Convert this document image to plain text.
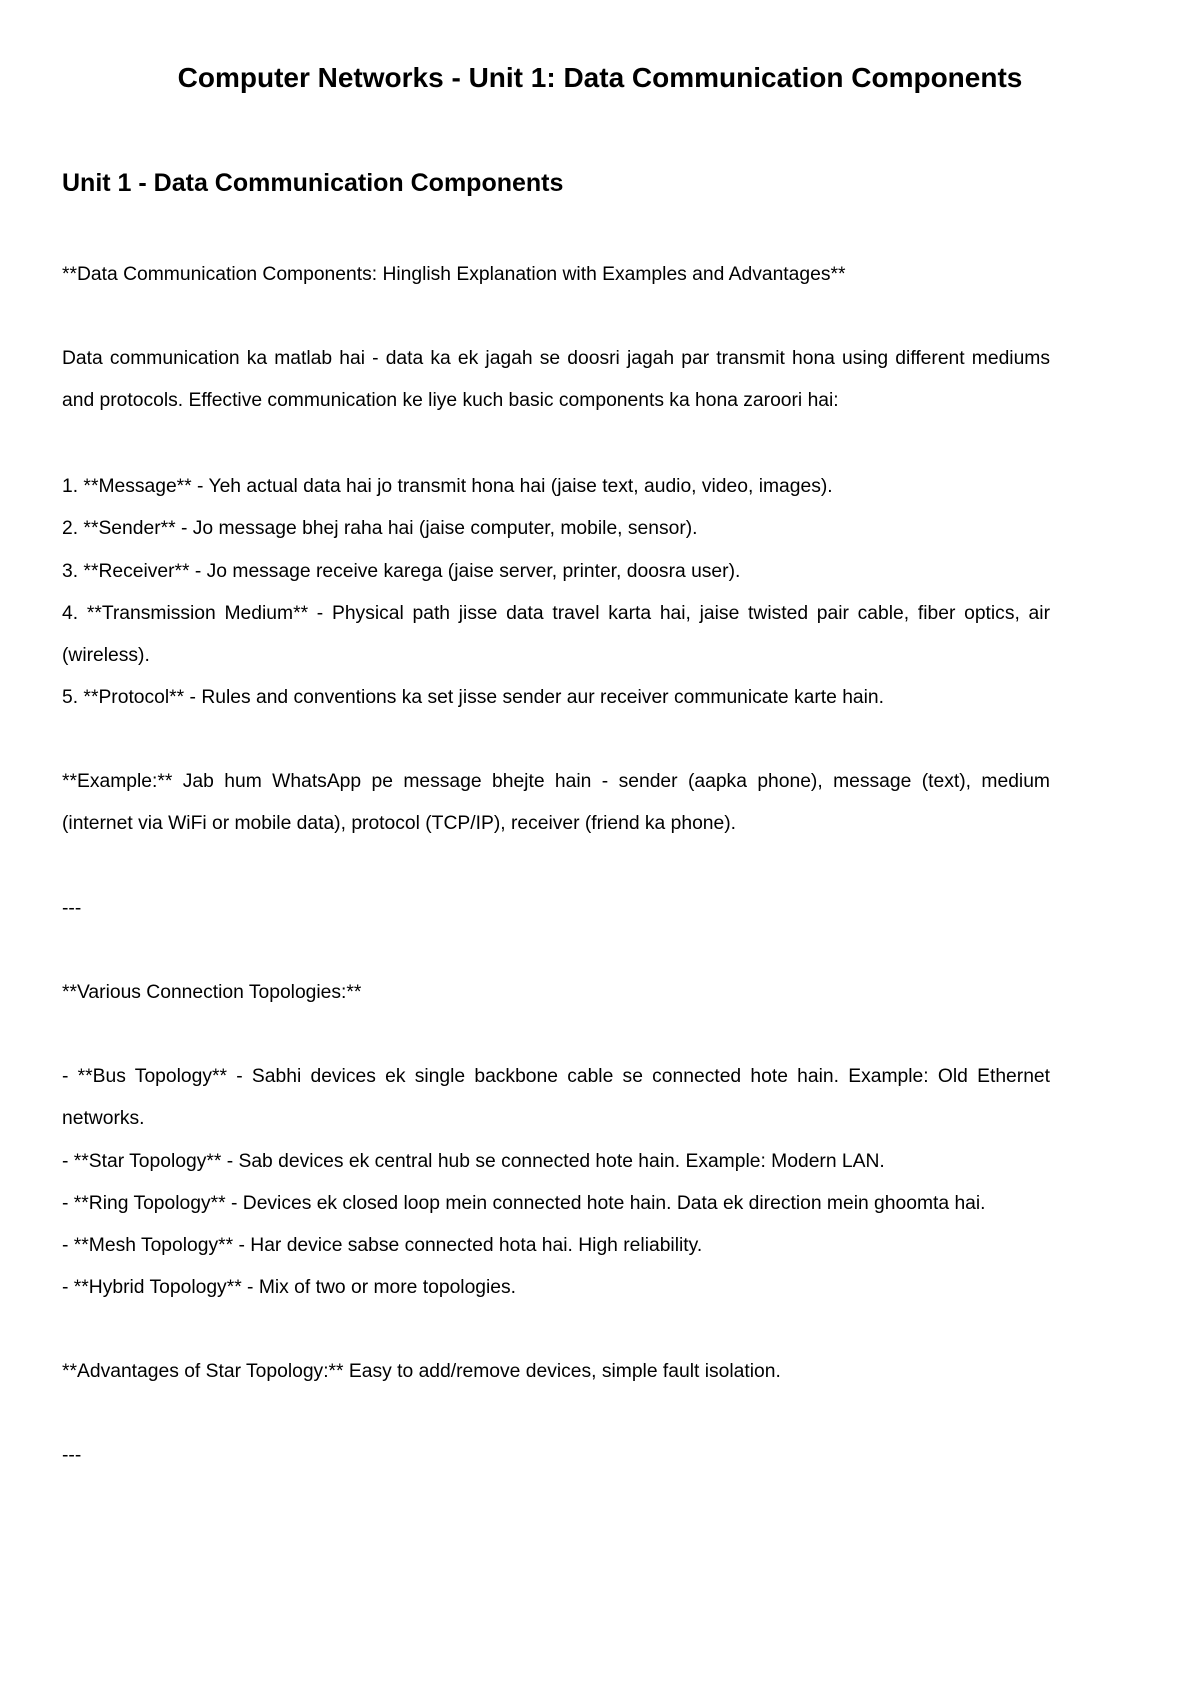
Computer Networks - Unit 1: Data Communication Components
Unit 1 - Data Communication Components
**Data Communication Components: Hinglish Explanation with Examples and Advantages**
Data communication ka matlab hai - data ka ek jagah se doosri jagah par transmit hona using different mediums and protocols. Effective communication ke liye kuch basic components ka hona zaroori hai:

1. **Message** - Yeh actual data hai jo transmit hona hai (jaise text, audio, video, images).

2. **Sender** - Jo message bhej raha hai (jaise computer, mobile, sensor).

3. **Receiver** - Jo message receive karega (jaise server, printer, doosra user).

4. **Transmission Medium** - Physical path jisse data travel karta hai, jaise twisted pair cable, fiber optics, air (wireless).

5. **Protocol** - Rules and conventions ka set jisse sender aur receiver communicate karte hain.

**Example:** Jab hum WhatsApp pe message bhejte hain - sender (aapka phone), message (text), medium (internet via WiFi or mobile data), protocol (TCP/IP), receiver (friend ka phone).
---
**Various Connection Topologies:**

- **Bus Topology** - Sabhi devices ek single backbone cable se connected hote hain. Example: Old Ethernet networks.

- **Star Topology** - Sab devices ek central hub se connected hote hain. Example: Modern LAN.

- **Ring Topology** - Devices ek closed loop mein connected hote hain. Data ek direction mein ghoomta hai.

- **Mesh Topology** - Har device sabse connected hota hai. High reliability.

- **Hybrid Topology** - Mix of two or more topologies.

**Advantages of Star Topology:** Easy to add/remove devices, simple fault isolation.
---
